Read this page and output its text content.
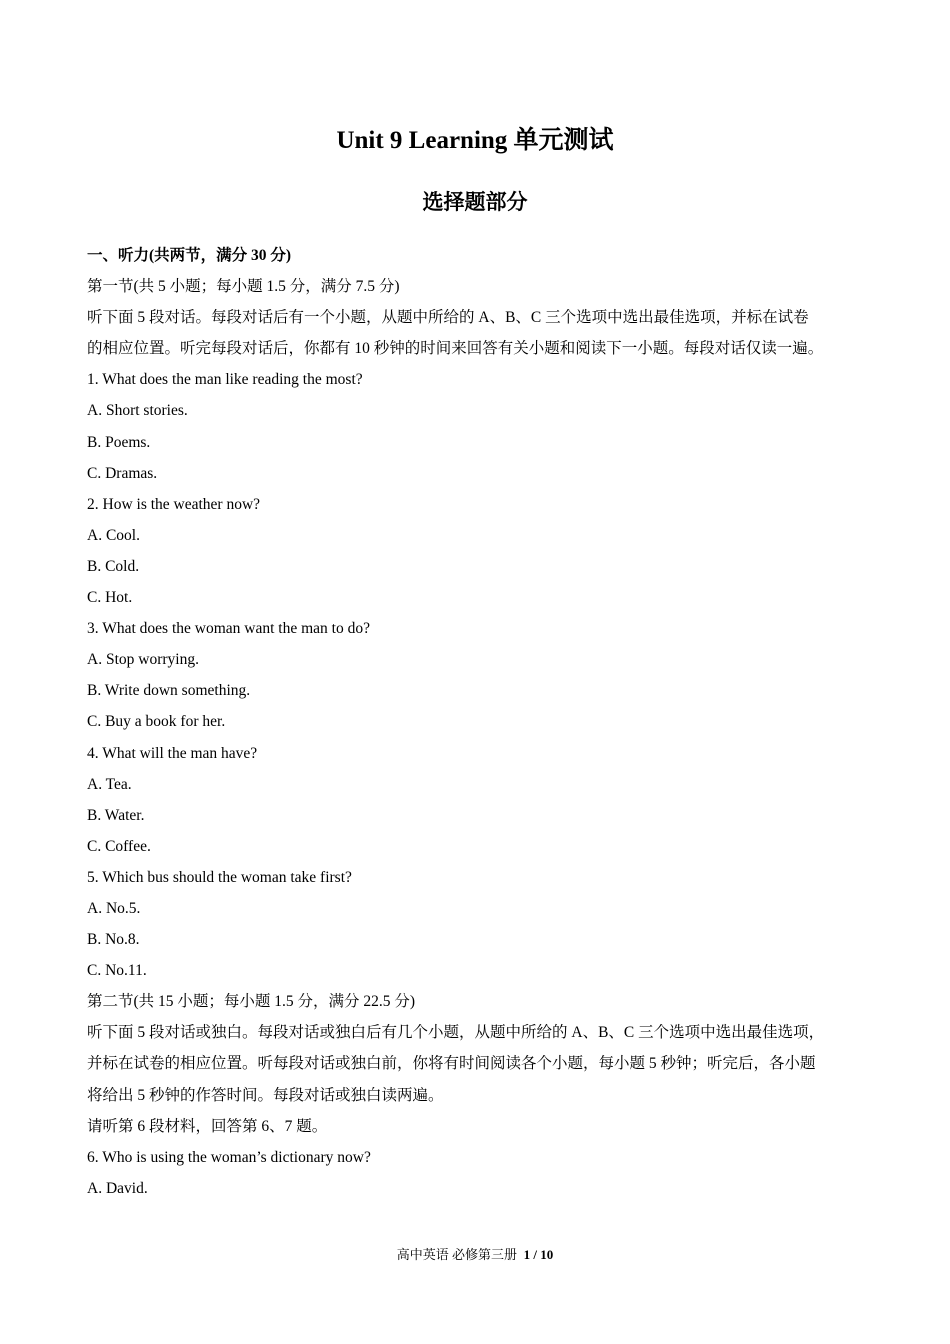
Unit 9 Learning 单元测试
选择题部分
一、听力(共两节，满分 30 分)
第一节(共 5 小题；每小题 1.5 分，满分 7.5 分)
听下面 5 段对话。每段对话后有一个小题，从题中所给的 A、B、C 三个选项中选出最佳选项，并标在试卷
的相应位置。听完每段对话后，你都有 10 秒钟的时间来回答有关小题和阅读下一小题。每段对话仅读一遍。
1. What does the man like reading the most?
A. Short stories.
B. Poems.
C. Dramas.
2. How is the weather now?
A. Cool.
B. Cold.
C. Hot.
3. What does the woman want the man to do?
A. Stop worrying.
B. Write down something.
C. Buy a book for her.
4. What will the man have?
A. Tea.
B. Water.
C. Coffee.
5. Which bus should the woman take first?
A. No.5.
B. No.8.
C. No.11.
第二节(共 15 小题；每小题 1.5 分，满分 22.5 分)
听下面 5 段对话或独白。每段对话或独白后有几个小题，从题中所给的 A、B、C 三个选项中选出最佳选项，
并标在试卷的相应位置。听每段对话或独白前，你将有时间阅读各个小题，每小题 5 秒钟；听完后，各小题
将给出 5 秒钟的作答时间。每段对话或独白读两遍。
请听第 6 段材料，回答第 6、7 题。
6. Who is using the woman’s dictionary now?
A. David.
高中英语 必修第三册 1 / 10
